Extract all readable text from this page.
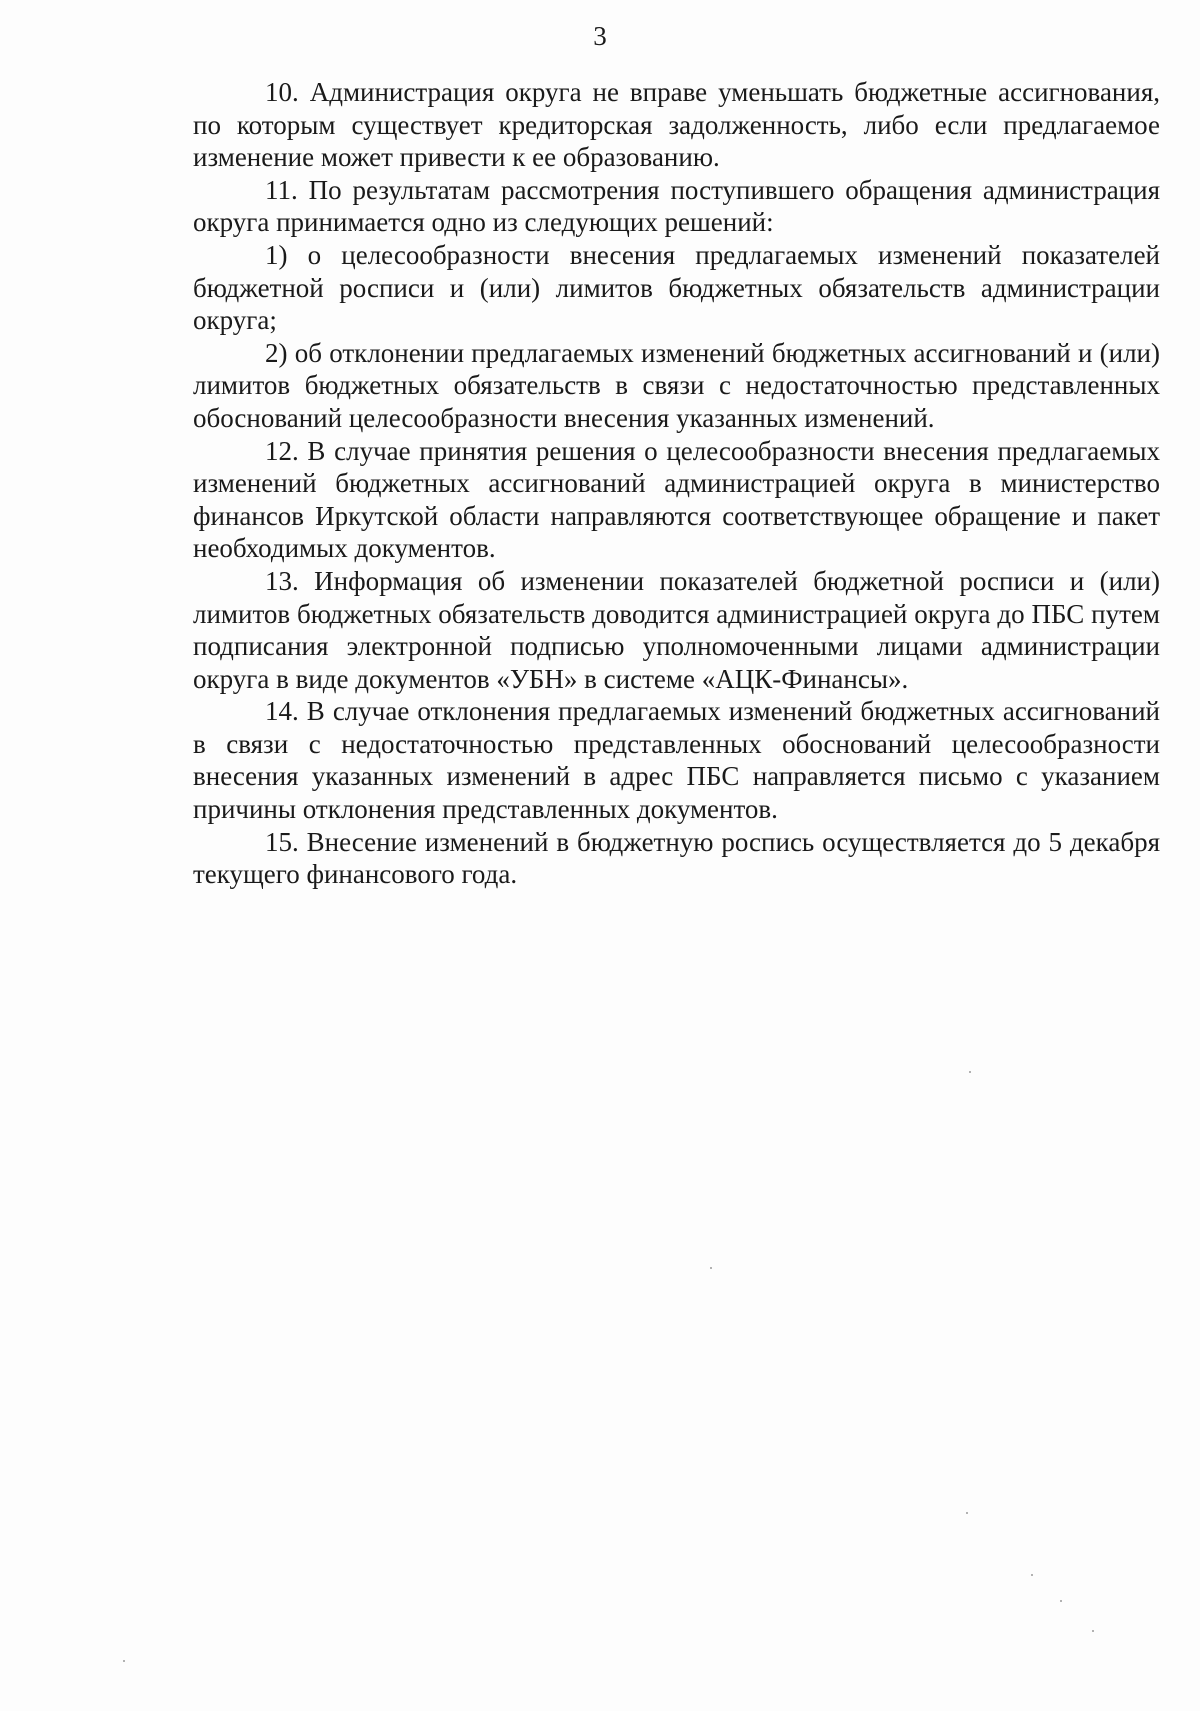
3

10. Администрация округа не вправе уменьшать бюджетные ассигнования, по которым существует кредиторская задолженность, либо если предлагаемое изменение может привести к ее образованию.

11. По результатам рассмотрения поступившего обращения администрация округа принимается одно из следующих решений:

1) о целесообразности внесения предлагаемых изменений показателей бюджетной росписи и (или) лимитов бюджетных обязательств администрации округа;

2) об отклонении предлагаемых изменений бюджетных ассигнований и (или) лимитов бюджетных обязательств в связи с недостаточностью представленных обоснований целесообразности внесения указанных изменений.

12. В случае принятия решения о целесообразности внесения предлагаемых изменений бюджетных ассигнований администрацией округа в министерство финансов Иркутской области направляются соответствующее обращение и пакет необходимых документов.

13. Информация об изменении показателей бюджетной росписи и (или) лимитов бюджетных обязательств доводится администрацией округа до ПБС путем подписания электронной подписью уполномоченными лицами администрации округа в виде документов «УБН» в системе «АЦК-Финансы».

14. В случае отклонения предлагаемых изменений бюджетных ассигнований в связи с недостаточностью представленных обоснований целесообразности внесения указанных изменений в адрес ПБС направляется письмо с указанием причины отклонения представленных документов.

15. Внесение изменений в бюджетную роспись осуществляется до 5 декабря текущего финансового года.
